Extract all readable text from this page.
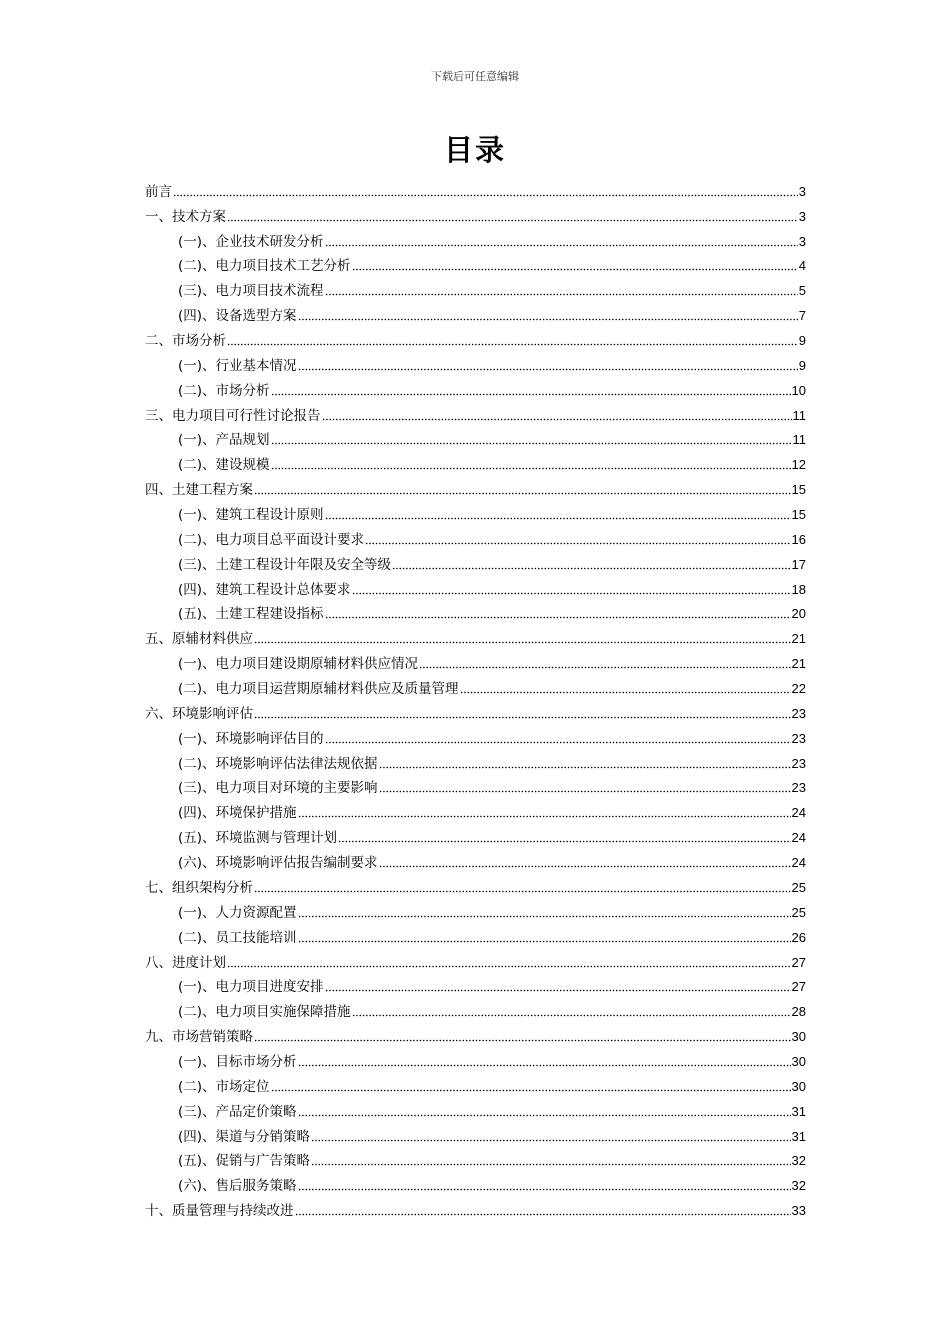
下载后可任意编辑
目录
前言	3
一、技术方案	3
(一)、企业技术研发分析	3
(二)、电力项目技术工艺分析	4
(三)、电力项目技术流程	5
(四)、设备选型方案	7
二、市场分析	9
(一)、行业基本情况	9
(二)、市场分析	10
三、电力项目可行性讨论报告	11
(一)、产品规划	11
(二)、建设规模	12
四、土建工程方案	15
(一)、建筑工程设计原则	15
(二)、电力项目总平面设计要求	16
(三)、土建工程设计年限及安全等级	17
(四)、建筑工程设计总体要求	18
(五)、土建工程建设指标	20
五、原辅材料供应	21
(一)、电力项目建设期原辅材料供应情况	21
(二)、电力项目运营期原辅材料供应及质量管理	22
六、环境影响评估	23
(一)、环境影响评估目的	23
(二)、环境影响评估法律法规依据	23
(三)、电力项目对环境的主要影响	23
(四)、环境保护措施	24
(五)、环境监测与管理计划	24
(六)、环境影响评估报告编制要求	24
七、组织架构分析	25
(一)、人力资源配置	25
(二)、员工技能培训	26
八、进度计划	27
(一)、电力项目进度安排	27
(二)、电力项目实施保障措施	28
九、市场营销策略	30
(一)、目标市场分析	30
(二)、市场定位	30
(三)、产品定价策略	31
(四)、渠道与分销策略	31
(五)、促销与广告策略	32
(六)、售后服务策略	32
十、质量管理与持续改进	33
